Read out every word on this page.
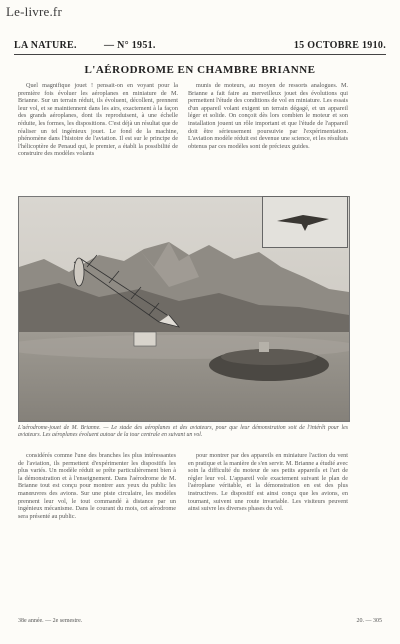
Le-livre.fr
LA NATURE.	— N° 1951.	15 OCTOBRE 1910.
L'AÉRODROME EN CHAMBRE BRIANNE

Quel magnifique jouet ! pensait-on en voyant pour la première fois évoluer les aéroplanes en miniature de M. Brianne. Sur un terrain réduit, ils évoluent, décollent, prennent leur vol, et se maintiennent dans les airs, exactement à la façon des grands aéroplanes, dont ils reproduisent, à une échelle réduite, les formes, les dispositions. C'est déjà un résultat que de réaliser un tel ingénieux jouet. Le fond de la machine, phénomène dans l'histoire de l'aviation. Il est sur le principe de l'hélicoptère de Penaud qui, le premier, a établi la possibilité de construire des modèles volants

munis de moteurs, au moyen de ressorts analogues. M. Brianne a fait faire au merveilleux jouet des évolutions qui permettent l'étude des conditions de vol en miniature. Les essais d'un appareil volant exigent un terrain dégagé, et un appareil léger et solide. On conçoit dès lors combien le moteur et son installation jouent un rôle important et que l'étude de l'appareil doit être sérieusement poursuivie par l'expérimentation. L'aviation modèle réduit est devenue une science, et les résultats obtenus par ces modèles sont de précieux guides.

L'aérodrome-jouet de M. Brianne. — Le stade des aéroplanes et des aviateurs, pour que leur démonstration soit de l'intérêt pour les aviateurs. Les aéroplanes évoluent autour de la tour centrale en suivant un vol.

considérés comme l'une des branches les plus intéressantes de l'aviation, ils permettent d'expérimenter les dispositifs les plus variés. Un modèle réduit se prête particulièrement bien à la démonstration et à l'enseignement. Dans l'aérodrome de M. Brianne tout est conçu pour montrer aux yeux du public les manœuvres des avions. Sur une piste circulaire, les modèles prennent leur vol, le tout commandé à distance par un ingénieux mécanisme. Dans le courant du mois, cet aérodrome sera présenté au public.

pour montrer par des appareils en miniature l'action du vent en pratique et la manière de s'en servir. M. Brianne a étudié avec soin la difficulté du moteur de ses petits appareils et l'art de régler leur vol. L'appareil vole exactement suivant le plan de l'aéroplane véritable, et la démonstration en est des plus instructives. Le dispositif est ainsi conçu que les avions, en tournant, suivent une route invariable. Les visiteurs peuvent ainsi suivre les diverses phases du vol.

38e année. — 2e semestre.	20. — 305
